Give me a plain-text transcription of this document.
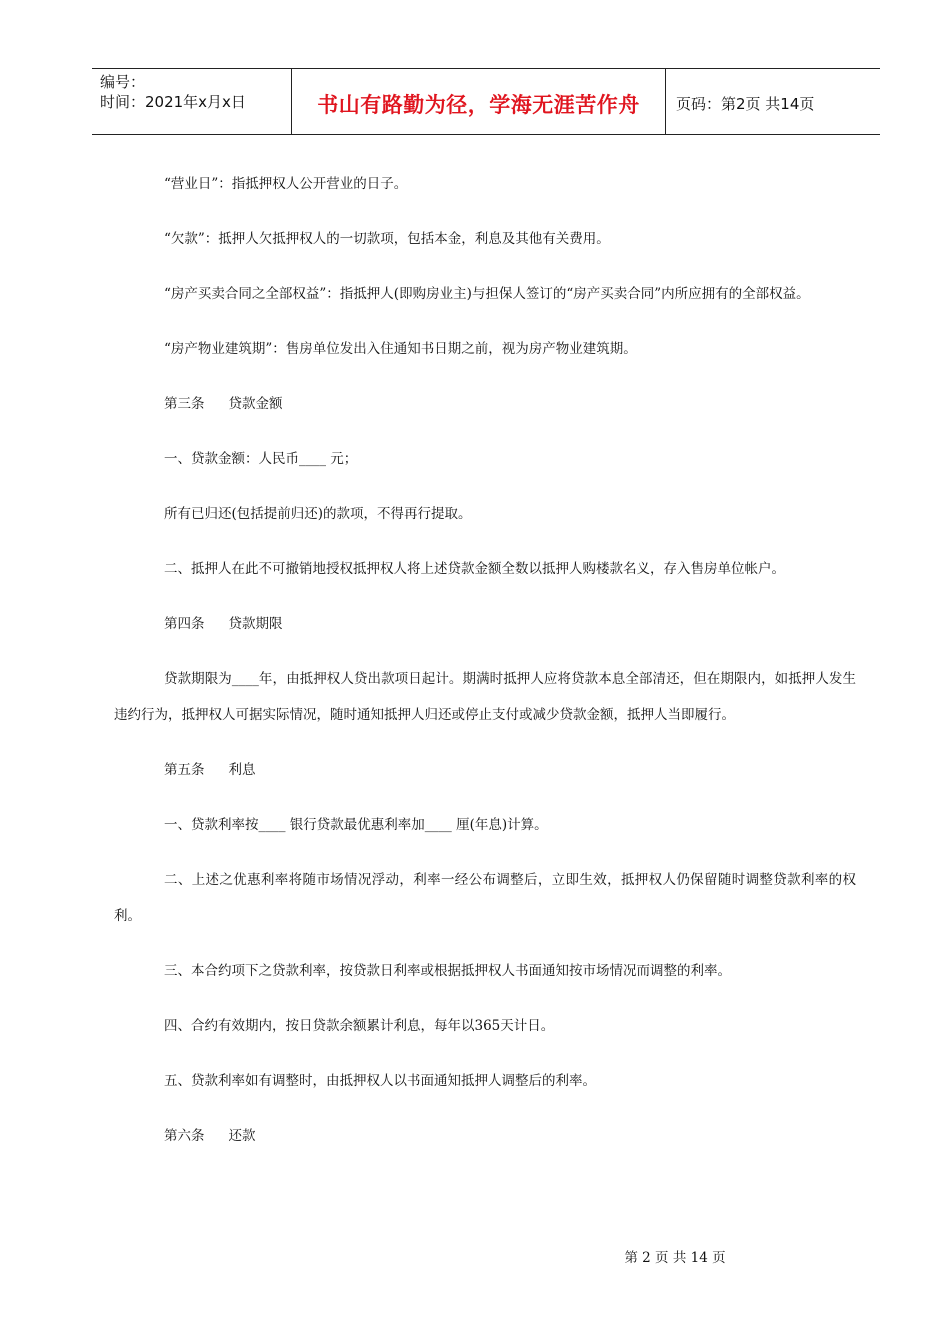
编号：
时间：2021年x月x日	书山有路勤为径，学海无涯苦作舟	页码：第2页 共14页

“营业日”：指抵押权人公开营业的日子。

“欠款”：抵押人欠抵押权人的一切款项，包括本金，利息及其他有关费用。

“房产买卖合同之全部权益”：指抵押人(即购房业主)与担保人签订的“房产买卖合同”内所应拥有的全部权益。

“房产物业建筑期”：售房单位发出入住通知书日期之前，视为房产物业建筑期。

第三条 贷款金额

一、贷款金额：人民币____ 元；

所有已归还(包括提前归还)的款项，不得再行提取。

二、抵押人在此不可撤销地授权抵押权人将上述贷款金额全数以抵押人购楼款名义，存入售房单位帐户。

第四条 贷款期限

贷款期限为____年，由抵押权人贷出款项日起计。期满时抵押人应将贷款本息全部清还，但在期限内，如抵押人发生违约行为，抵押权人可据实际情况，随时通知抵押人归还或停止支付或减少贷款金额，抵押人当即履行。

第五条 利息

一、贷款利率按____ 银行贷款最优惠利率加____ 厘(年息)计算。

二、上述之优惠利率将随市场情况浮动，利率一经公布调整后，立即生效，抵押权人仍保留随时调整贷款利率的权利。

三、本合约项下之贷款利率，按贷款日利率或根据抵押权人书面通知按市场情况而调整的利率。

四、合约有效期内，按日贷款余额累计利息，每年以365天计日。

五、贷款利率如有调整时，由抵押权人以书面通知抵押人调整后的利率。

第六条 还款
第 2 页 共 14 页
